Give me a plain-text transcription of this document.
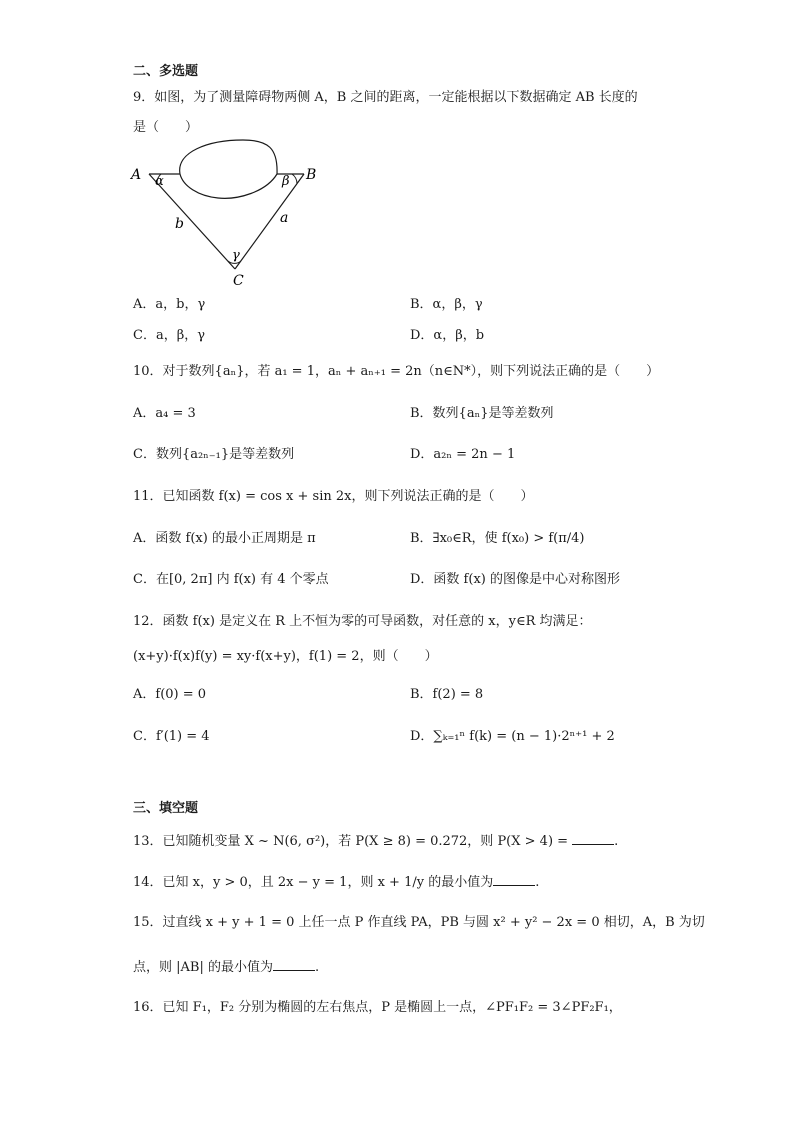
二、多选题
9．如图，为了测量障碍物两侧 A，B 之间的距离，一定能根据以下数据确定 AB 长度的
是（　　）
A	B
C
α	β
γ
a
b
A．a，b，γ	B．α，β，γ
C．a，β，γ	D．α，β，b
10．对于数列{aₙ}，若 a₁ = 1，aₙ + aₙ₊₁ = 2n（n∈N*），则下列说法正确的是（　　）
A．a₄ = 3	B．数列{aₙ}是等差数列
C．数列{a₂ₙ₋₁}是等差数列	D．a₂ₙ = 2n − 1
11．已知函数 f(x) = cos x + sin 2x，则下列说法正确的是（　　）
A．函数 f(x) 的最小正周期是 π	B．∃x₀∈R，使 f(x₀) > f(π/4)
C．在[0, 2π] 内 f(x) 有 4 个零点	D．函数 f(x) 的图像是中心对称图形
12．函数 f(x) 是定义在 R 上不恒为零的可导函数，对任意的 x，y∈R 均满足：
(x+y)·f(x)f(y) = xy·f(x+y)，f(1) = 2，则（　　）
A．f(0) = 0	B．f(2) = 8
C．f′(1) = 4	D．∑ₖ₌₁ⁿ f(k) = (n − 1)·2ⁿ⁺¹ + 2
三、填空题
13．已知随机变量 X ~ N(6, σ²)，若 P(X ≥ 8) = 0.272，则 P(X > 4) =	.
14．已知 x，y > 0，且 2x − y = 1，则 x + 1/y 的最小值为	.
15．过直线 x + y + 1 = 0 上任一点 P 作直线 PA，PB 与圆 x² + y² − 2x = 0 相切，A，B 为切
点，则 |AB| 的最小值为	.
16．已知 F₁，F₂ 分别为椭圆的左右焦点，P 是椭圆上一点，∠PF₁F₂ = 3∠PF₂F₁，
